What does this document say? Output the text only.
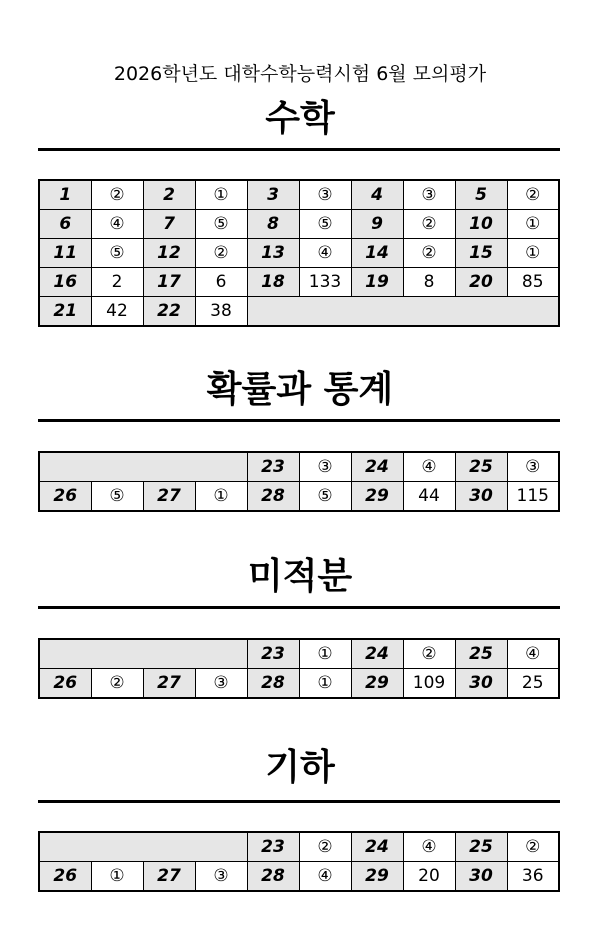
2026학년도 대학수학능력시험 6월 모의평가
수학
1	②	2	①	3	③	4	③	5	②
6	④	7	⑤	8	⑤	9	②	10	①
11	⑤	12	②	13	④	14	②	15	①
16	2	17	6	18	133	19	8	20	85
21	42	22	38						
확률과 통계
				23	③	24	④	25	③
26	⑤	27	①	28	⑤	29	44	30	115
미적분
				23	①	24	②	25	④
26	②	27	③	28	①	29	109	30	25
기하
				23	②	24	④	25	②
26	①	27	③	28	④	29	20	30	36
